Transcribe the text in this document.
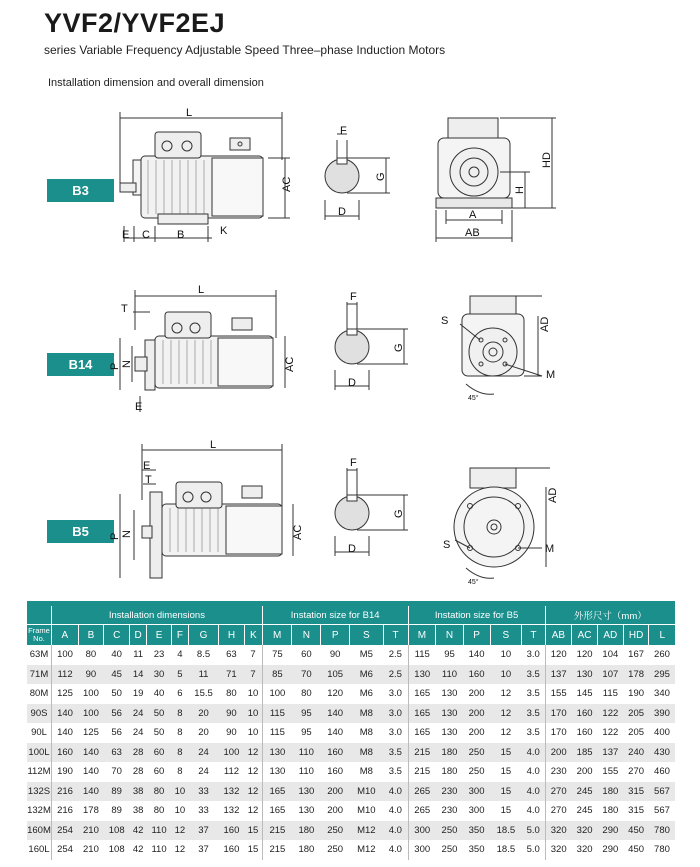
YVF2/YVF2EJ
series Variable Frequency Adjustable Speed Three–phase Induction Motors
Installation dimension and overall dimension
B3
B14
B5
L
AC
E C B	K
F
G
D
HD
H
A
AB
L
T
P N
E
AC
F
G
D
S
M
AD
45°
L
E
T
P N	AC
F
G
D	S	M
AD
45°
	Installation dimensions									Instation size for B14					Instation size for B5					外形尺寸（mm）				
Frame
No.	A	B	C	D	E	F	G	H	K	M	N	P	S	T	M	N	P	S	T	AB	AC	AD	HD	L
63M	100	80	40	11	23	4	8.5	63	7	75	60	90	M5	2.5	115	95	140	10	3.0	120	120	104	167	260
71M	112	90	45	14	30	5	11	71	7	85	70	105	M6	2.5	130	110	160	10	3.5	137	130	107	178	295
80M	125	100	50	19	40	6	15.5	80	10	100	80	120	M6	3.0	165	130	200	12	3.5	155	145	115	190	340
90S	140	100	56	24	50	8	20	90	10	115	95	140	M8	3.0	165	130	200	12	3.5	170	160	122	205	390
90L	140	125	56	24	50	8	20	90	10	115	95	140	M8	3.0	165	130	200	12	3.5	170	160	122	205	400
100L	160	140	63	28	60	8	24	100	12	130	110	160	M8	3.5	215	180	250	15	4.0	200	185	137	240	430
112M	190	140	70	28	60	8	24	112	12	130	110	160	M8	3.5	215	180	250	15	4.0	230	200	155	270	460
132S	216	140	89	38	80	10	33	132	12	165	130	200	M10	4.0	265	230	300	15	4.0	270	245	180	315	567
132M	216	178	89	38	80	10	33	132	12	165	130	200	M10	4.0	265	230	300	15	4.0	270	245	180	315	567
160M	254	210	108	42	110	12	37	160	15	215	180	250	M12	4.0	300	250	350	18.5	5.0	320	320	290	450	780
160L	254	210	108	42	110	12	37	160	15	215	180	250	M12	4.0	300	250	350	18.5	5.0	320	320	290	450	780
